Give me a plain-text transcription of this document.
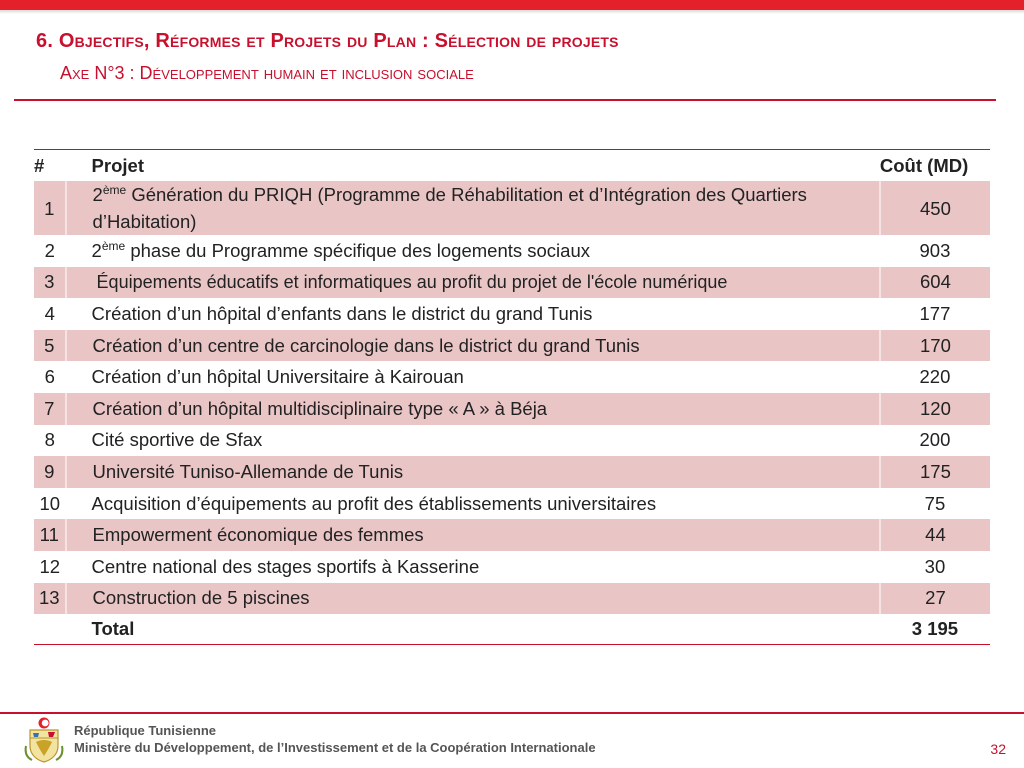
6. Objectifs, Réformes et Projets du Plan : Sélection de projets
Axe N°3 : Développement humain et inclusion sociale
#	Projet	Coût (MD)
1	2ème Génération du PRIQH (Programme de Réhabilitation et d’Intégration des Quartiers d’Habitation)	450
2	2ème phase du Programme spécifique des logements sociaux	903
3	Équipements éducatifs et informatiques au profit du projet de l'école numérique	604
4	Création d’un hôpital d’enfants dans le district du grand Tunis	177
5	Création d’un centre de carcinologie dans le district du grand Tunis	170
6	Création d’un hôpital Universitaire à Kairouan	220
7	Création d’un hôpital multidisciplinaire type « A » à Béja	120
8	Cité sportive de Sfax	200
9	Université Tuniso-Allemande de Tunis	175
10	Acquisition d’équipements au profit des établissements universitaires	75
11	Empowerment économique des femmes	44
12	Centre national des stages sportifs à Kasserine	30
13	Construction de 5 piscines	27
	Total	3 195
République Tunisienne
Ministère du Développement, de l’Investissement et de la Coopération Internationale	32
